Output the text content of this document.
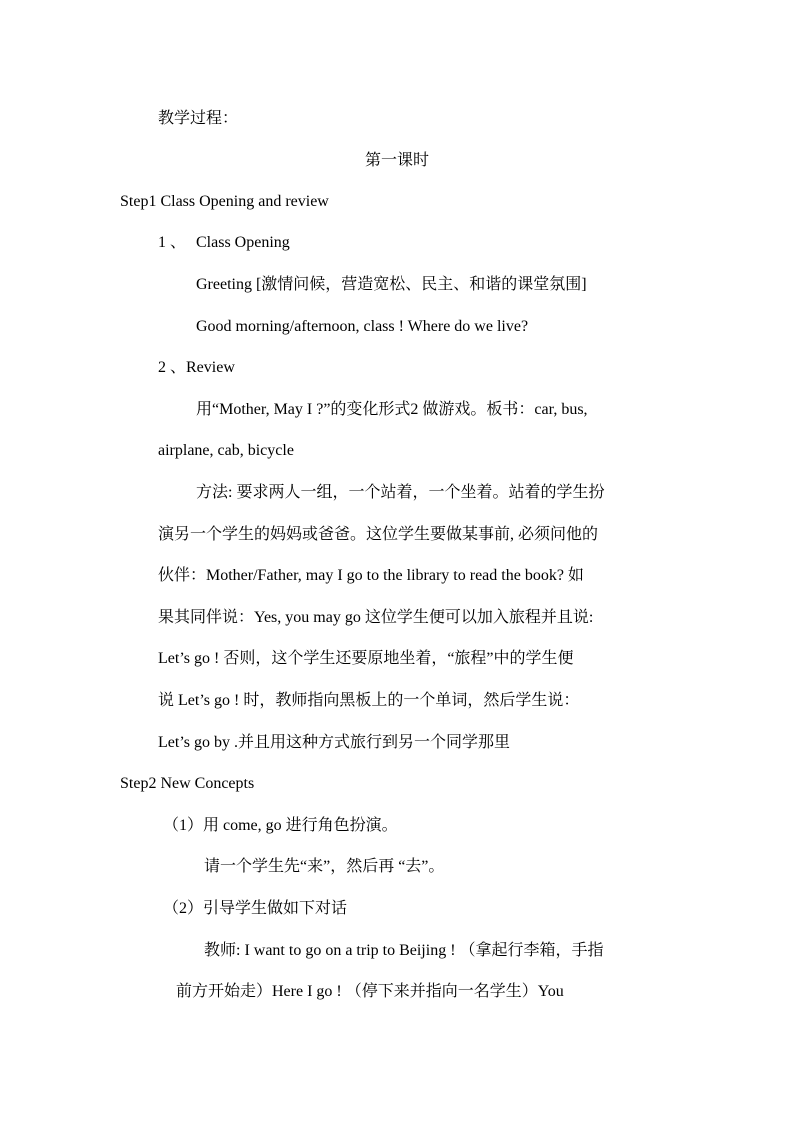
教学过程：
第一课时
Step1 Class Opening and review
1 、 Class Opening
Greeting [激情问候，营造宽松、民主、和谐的课堂氛围]
Good morning/afternoon, class ! Where do we live?
2 、Review
用“Mother, May I ?”的变化形式2 做游戏。板书：car, bus,
airplane, cab, bicycle
方法: 要求两人一组，一个站着，一个坐着。站着的学生扮
演另一个学生的妈妈或爸爸。这位学生要做某事前, 必须问他的
伙伴：Mother/Father, may I go to the library to read the book? 如
果其同伴说：Yes, you may go 这位学生便可以加入旅程并且说:
Let’s go ! 否则，这个学生还要原地坐着，“旅程”中的学生便
说 Let’s go ! 时，教师指向黑板上的一个单词，然后学生说：
Let’s go by .并且用这种方式旅行到另一个同学那里
Step2 New Concepts
（1）用 come, go 进行角色扮演。
请一个学生先“来”，然后再 “去”。
（2）引导学生做如下对话
教师: I want to go on a trip to Beijing ! （拿起行李箱，手指
前方开始走）Here I go ! （停下来并指向一名学生）You
